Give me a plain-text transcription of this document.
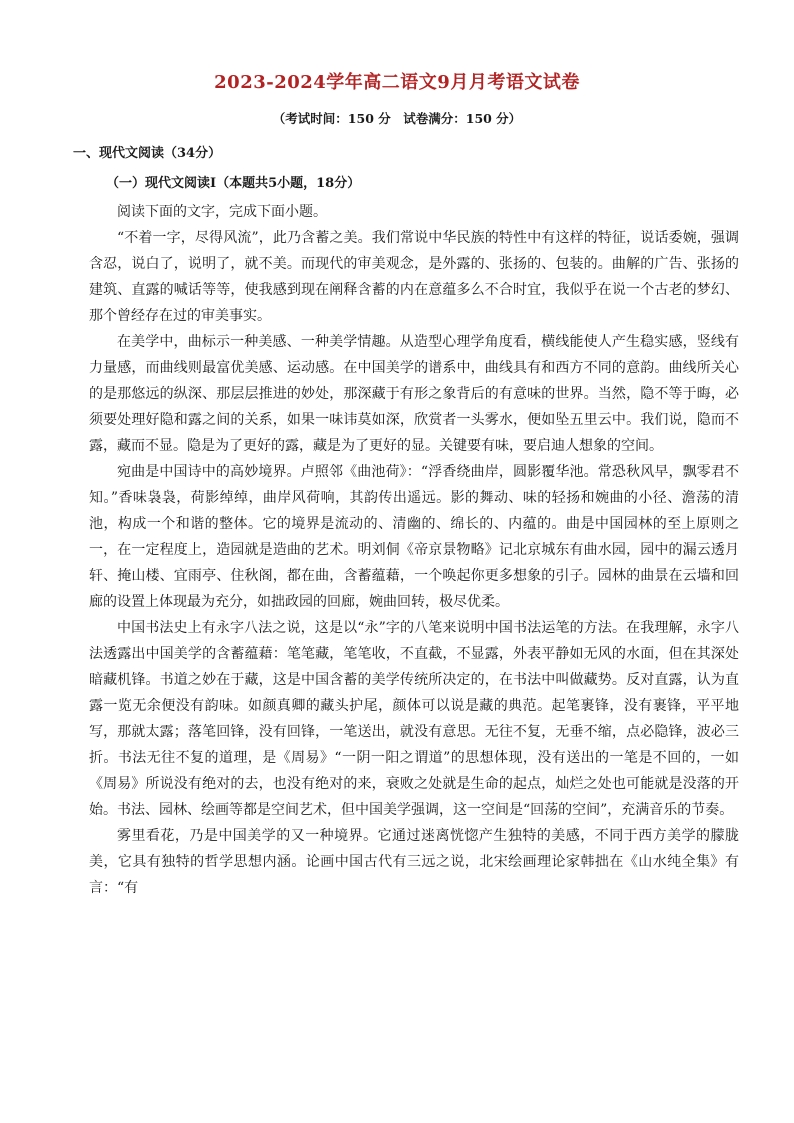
2023-2024学年高二语文9月月考语文试卷
（考试时间：150 分　试卷满分：150 分）
一、现代文阅读（34分）
（一）现代文阅读Ⅰ（本题共5小题，18分）

阅读下面的文字，完成下面小题。

“不着一字，尽得风流”，此乃含蓄之美。我们常说中华民族的特性中有这样的特征，说话委婉，强调含忍，说白了，说明了，就不美。而现代的审美观念，是外露的、张扬的、包装的。曲解的广告、张扬的建筑、直露的喊话等等，使我感到现在阐释含蓄的内在意蕴多么不合时宜，我似乎在说一个古老的梦幻、那个曾经存在过的审美事实。

在美学中，曲标示一种美感、一种美学情趣。从造型心理学角度看，横线能使人产生稳实感，竖线有力量感，而曲线则最富优美感、运动感。在中国美学的谱系中，曲线具有和西方不同的意韵。曲线所关心的是那悠远的纵深、那层层推进的妙处，那深藏于有形之象背后的有意味的世界。当然，隐不等于晦，必须要处理好隐和露之间的关系，如果一味讳莫如深，欣赏者一头雾水，便如坠五里云中。我们说，隐而不露，藏而不显。隐是为了更好的露，藏是为了更好的显。关键要有味，要启迪人想象的空间。

宛曲是中国诗中的高妙境界。卢照邻《曲池荷》：“浮香绕曲岸，圆影覆华池。常恐秋风早，飘零君不知。”香味袅袅，荷影绰绰，曲岸风荷响，其韵传出遥远。影的舞动、味的轻扬和婉曲的小径、澹荡的清池，构成一个和谐的整体。它的境界是流动的、清幽的、绵长的、内蕴的。曲是中国园林的至上原则之一，在一定程度上，造园就是造曲的艺术。明刘侗《帝京景物略》记北京城东有曲水园，园中的漏云透月轩、掩山楼、宜雨亭、住秋阁，都在曲，含蓄蕴藉，一个唤起你更多想象的引子。园林的曲景在云墙和回廊的设置上体现最为充分，如拙政园的回廊，婉曲回转，极尽优柔。

中国书法史上有永字八法之说，这是以“永”字的八笔来说明中国书法运笔的方法。在我理解，永字八法透露出中国美学的含蓄蕴藉：笔笔藏，笔笔收，不直截，不显露，外表平静如无风的水面，但在其深处暗藏机锋。书道之妙在于藏，这是中国含蓄的美学传统所决定的，在书法中叫做藏势。反对直露，认为直露一览无余便没有韵味。如颜真卿的藏头护尾，颜体可以说是藏的典范。起笔裹锋，没有裹锋，平平地写，那就太露；落笔回锋，没有回锋，一笔送出，就没有意思。无往不复，无垂不缩，点必隐锋，波必三折。书法无往不复的道理，是《周易》“一阴一阳之谓道”的思想体现，没有送出的一笔是不回的，一如《周易》所说没有绝对的去，也没有绝对的来，衰败之处就是生命的起点，灿烂之处也可能就是没落的开始。书法、园林、绘画等都是空间艺术，但中国美学强调，这一空间是“回荡的空间”，充满音乐的节奏。

雾里看花，乃是中国美学的又一种境界。它通过迷离恍惚产生独特的美感，不同于西方美学的朦胧美，它具有独特的哲学思想内涵。论画中国古代有三远之说，北宋绘画理论家韩拙在《山水纯全集》有言：“有
